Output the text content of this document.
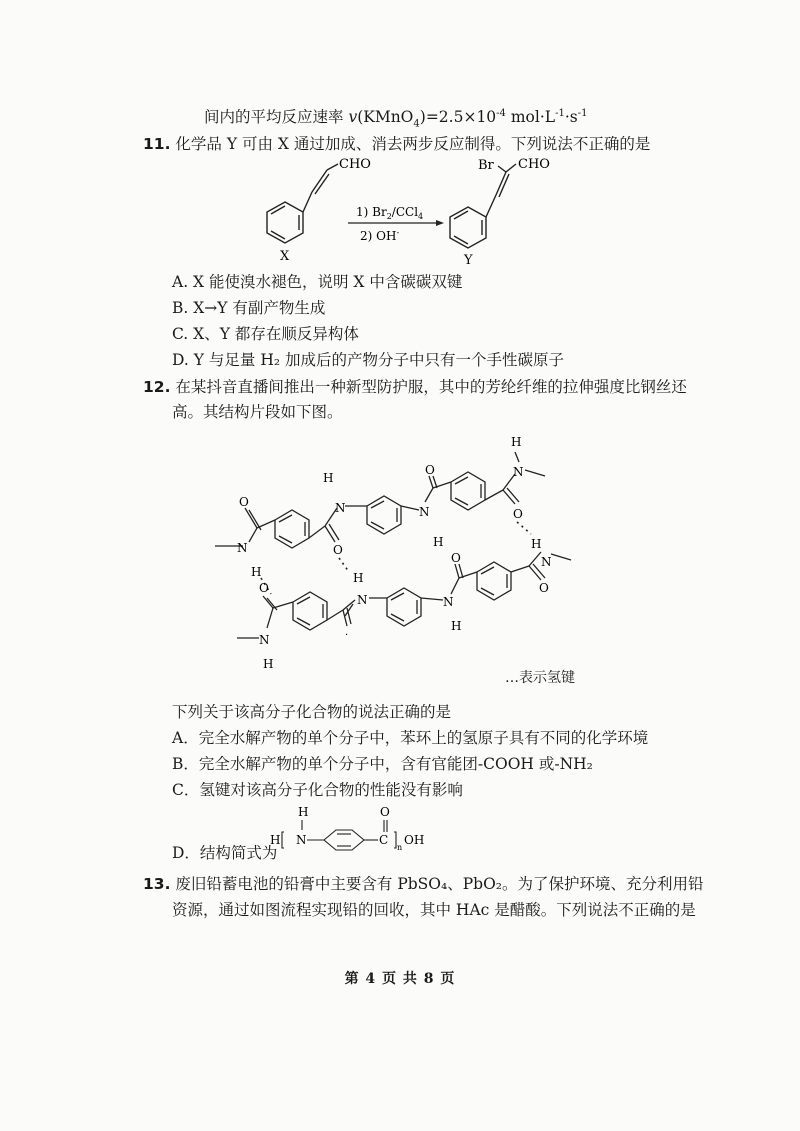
间内的平均反应速率 $v(KMnO_4)=2.5\times 10^{-4}$ $mol\cdot L^{-1}\cdot s^{-1}$
11. 化学品 Y 可由 X 通过加成、消去两步反应制得。下列说法不正确的是
CHO
X
1) $Br_2/CCl_4$
2) OH-
Br CHO
Y
A. X 能使溴水褪色，说明 X 中含碳碳双键
B. X→Y 有副产物生成
C. X、Y 都存在顺反异构体
D. Y 与足量 H₂ 加成后的产物分子中只有一个手性碳原子
12. 在某抖音直播间推出一种新型防护服，其中的芳纶纤维的拉伸强度比钢丝还
高。其结构片段如下图。
N
H
O
O
N
H
N
H
O
O
N
H
H
N
O
N
H
H
N	N
H
O
O
·
…表示氢键
下列关于该高分子化合物的说法正确的是
A．完全水解产物的单个分子中，苯环上的氢原子具有不同的化学环境
B．完全水解产物的单个分子中，含有官能团-COOH 或-NH₂
C．氢键对该高分子化合物的性能没有影响
D．结构简式为
H
H N
O
C
n
OH
13. 废旧铅蓄电池的铅膏中主要含有 PbSO₄、PbO₂。为了保护环境、充分利用铅
资源，通过如图流程实现铅的回收，其中 HAc 是醋酸。下列说法不正确的是
第 4 页 共 8 页
